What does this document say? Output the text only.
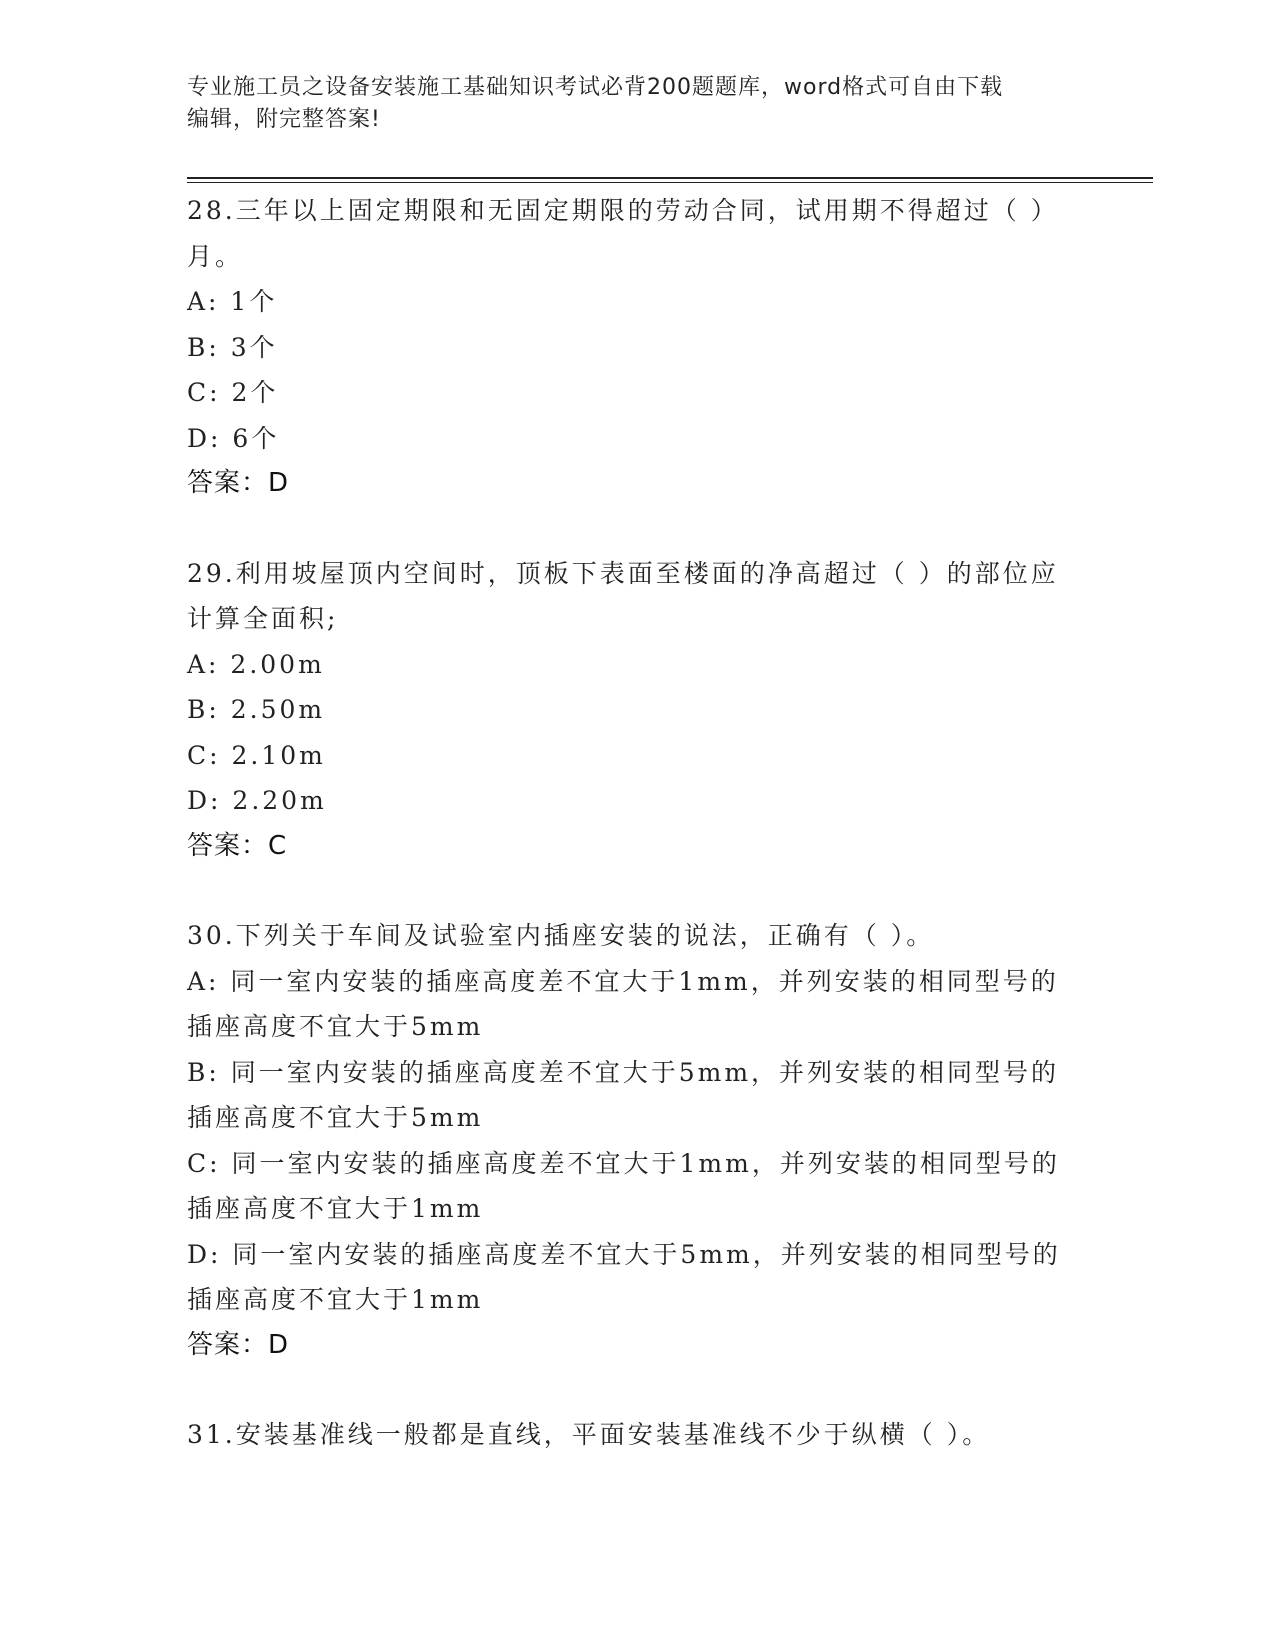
专业施工员之设备安装施工基础知识考试必背200题题库，word格式可自由下载
编辑，附完整答案!
28.三年以上固定期限和无固定期限的劳动合同，试用期不得超过（ ）月。
A: 1个
B: 3个
C: 2个
D: 6个
答案：D
29.利用坡屋顶内空间时，顶板下表面至楼面的净高超过（ ）的部位应计算全面积;
A: 2.00m
B: 2.50m
C: 2.10m
D: 2.20m
答案：C
30.下列关于车间及试验室内插座安装的说法，正确有（ ）。
A: 同一室内安装的插座高度差不宜大于1mm，并列安装的相同型号的插座高度不宜大于5mm
B: 同一室内安装的插座高度差不宜大于5mm，并列安装的相同型号的插座高度不宜大于5mm
C: 同一室内安装的插座高度差不宜大于1mm，并列安装的相同型号的插座高度不宜大于1mm
D: 同一室内安装的插座高度差不宜大于5mm，并列安装的相同型号的插座高度不宜大于1mm
答案：D
31.安装基准线一般都是直线，平面安装基准线不少于纵横（ ）。
